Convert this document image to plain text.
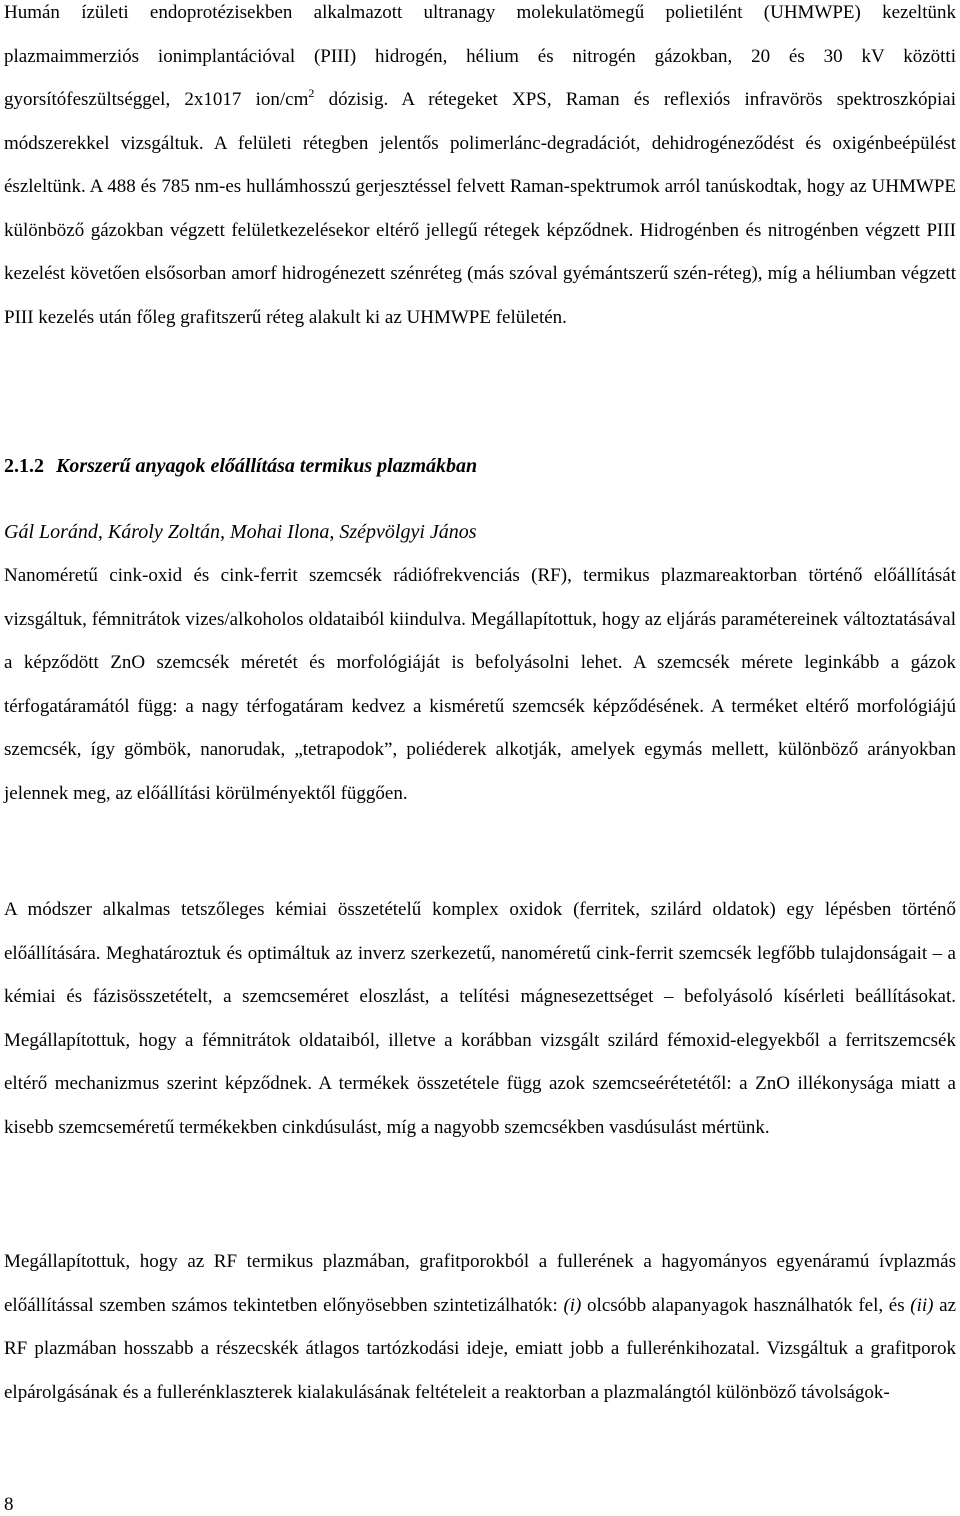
Humán ízületi endoprotézisekben alkalmazott ultranagy molekulatömegű polietilént (UHMWPE) kezeltünk plazmaimmerziós ionimplantációval (PIII) hidrogén, hélium és nitrogén gázokban, 20 és 30 kV közötti gyorsítófeszültséggel, 2x1017 ion/$cm^2$ dózisig. A rétegeket XPS, Raman és reflexiós infravörös spektroszkópiai módszerekkel vizsgáltuk. A felületi rétegben jelentős polimerlánc-degradációt, dehidrogéneződést és oxigénbeépülést észleltünk. A 488 és 785 nm-es hullámhosszú gerjesztéssel felvett Raman-spektrumok arról tanúskodtak, hogy az UHMWPE különböző gázokban végzett felületkezelésekor eltérő jellegű rétegek képződnek. Hidrogénben és nitrogénben végzett PIII kezelést követően elsősorban amorf hidrogénezett szénréteg (más szóval gyémántszerű szén-réteg), míg a héliumban végzett PIII kezelés után főleg grafitszerű réteg alakult ki az UHMWPE felületén.

2.1.2 Korszerű anyagok előállítása termikus plazmákban

Gál Loránd, Károly Zoltán, Mohai Ilona, Szépvölgyi János

Nanoméretű cink-oxid és cink-ferrit szemcsék rádiófrekvenciás (RF), termikus plazmareaktorban történő előállítását vizsgáltuk, fémnitrátok vizes/alkoholos oldataiból kiindulva. Megállapítottuk, hogy az eljárás paramétereinek változtatásával a képződött ZnO szemcsék méretét és morfológiáját is befolyásolni lehet. A szemcsék mérete leginkább a gázok térfogatáramától függ: a nagy térfogatáram kedvez a kisméretű szemcsék képződésének. A terméket eltérő morfológiájú szemcsék, így gömbök, nanorudak, „tetrapodok”, poliéderek alkotják, amelyek egymás mellett, különböző arányokban jelennek meg, az előállítási körülményektől függően.

A módszer alkalmas tetszőleges kémiai összetételű komplex oxidok (ferritek, szilárd oldatok) egy lépésben történő előállítására. Meghatároztuk és optimáltuk az inverz szerkezetű, nanoméretű cink-ferrit szemcsék legfőbb tulajdonságait – a kémiai és fázisösszetételt, a szemcseméret eloszlást, a telítési mágnesezettséget – befolyásoló kísérleti beállításokat. Megállapítottuk, hogy a fémnitrátok oldataiból, illetve a korábban vizsgált szilárd fémoxid-elegyekből a ferritszemcsék eltérő mechanizmus szerint képződnek. A termékek összetétele függ azok szemcseérétetétől: a ZnO illékonysága miatt a kisebb szemcseméretű termékekben cinkdúsulást, míg a nagyobb szemcsékben vasdúsulást mértünk.

Megállapítottuk, hogy az RF termikus plazmában, grafitporokból a fullerének a hagyományos egyenáramú ívplazmás előállítással szemben számos tekintetben előnyösebben szintetizálhatók: (i) olcsóbb alapanyagok használhatók fel, és (ii) az RF plazmában hosszabb a részecskék átlagos tartózkodási ideje, emiatt jobb a fullerénkihozatal. Vizsgáltuk a grafitporok elpárolgásának és a fullerénklaszterek kialakulásának feltételeit a reaktorban a plazmalángtól különböző távolságok-

8
